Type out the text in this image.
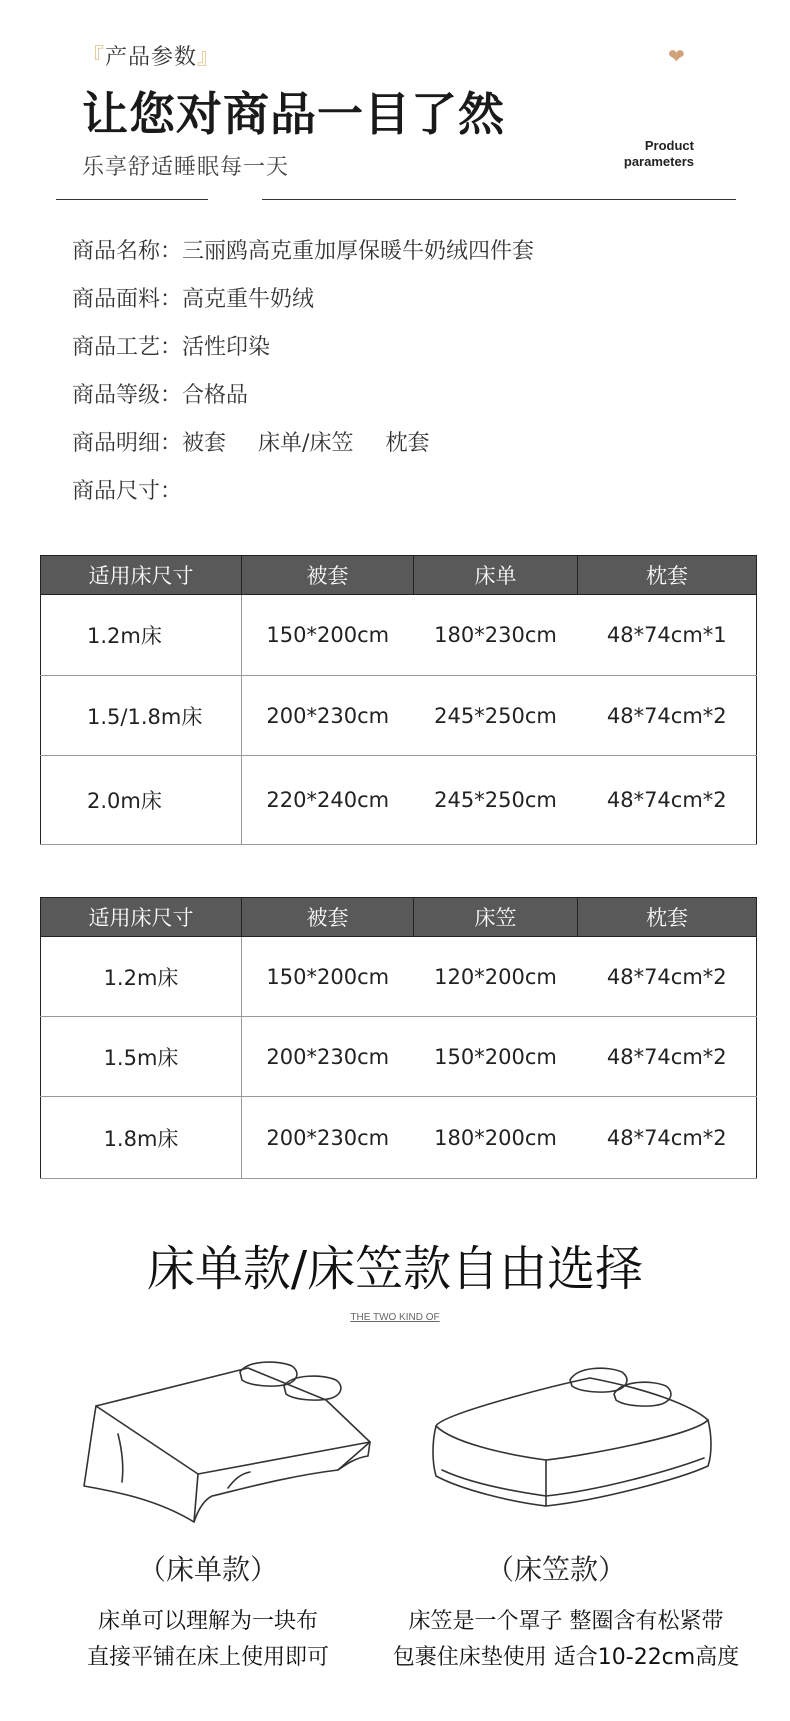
『产品参数』	❤
让您对商品一目了然
乐享舒适睡眠每一天
Product
parameters
商品名称：三丽鸥高克重加厚保暖牛奶绒四件套
商品面料：高克重牛奶绒
商品工艺：活性印染
商品等级：合格品
商品明细：被套 床单/床笠 枕套
商品尺寸：
适用床尺寸	被套	床单	枕套
1.2m床	150*200cm	180*230cm	48*74cm*1
1.5/1.8m床	200*230cm	245*250cm	48*74cm*2
2.0m床	220*240cm	245*250cm	48*74cm*2
适用床尺寸	被套	床笠	枕套
1.2m床	150*200cm	120*200cm	48*74cm*2
1.5m床	200*230cm	150*200cm	48*74cm*2
1.8m床	200*230cm	180*200cm	48*74cm*2
床单款/床笠款自由选择
THE TWO KIND OF
（床单款）	（床笠款）
床单可以理解为一块布
直接平铺在床上使用即可
床笠是一个罩子 整圈含有松紧带
包裹住床垫使用 适合10-22cm高度
